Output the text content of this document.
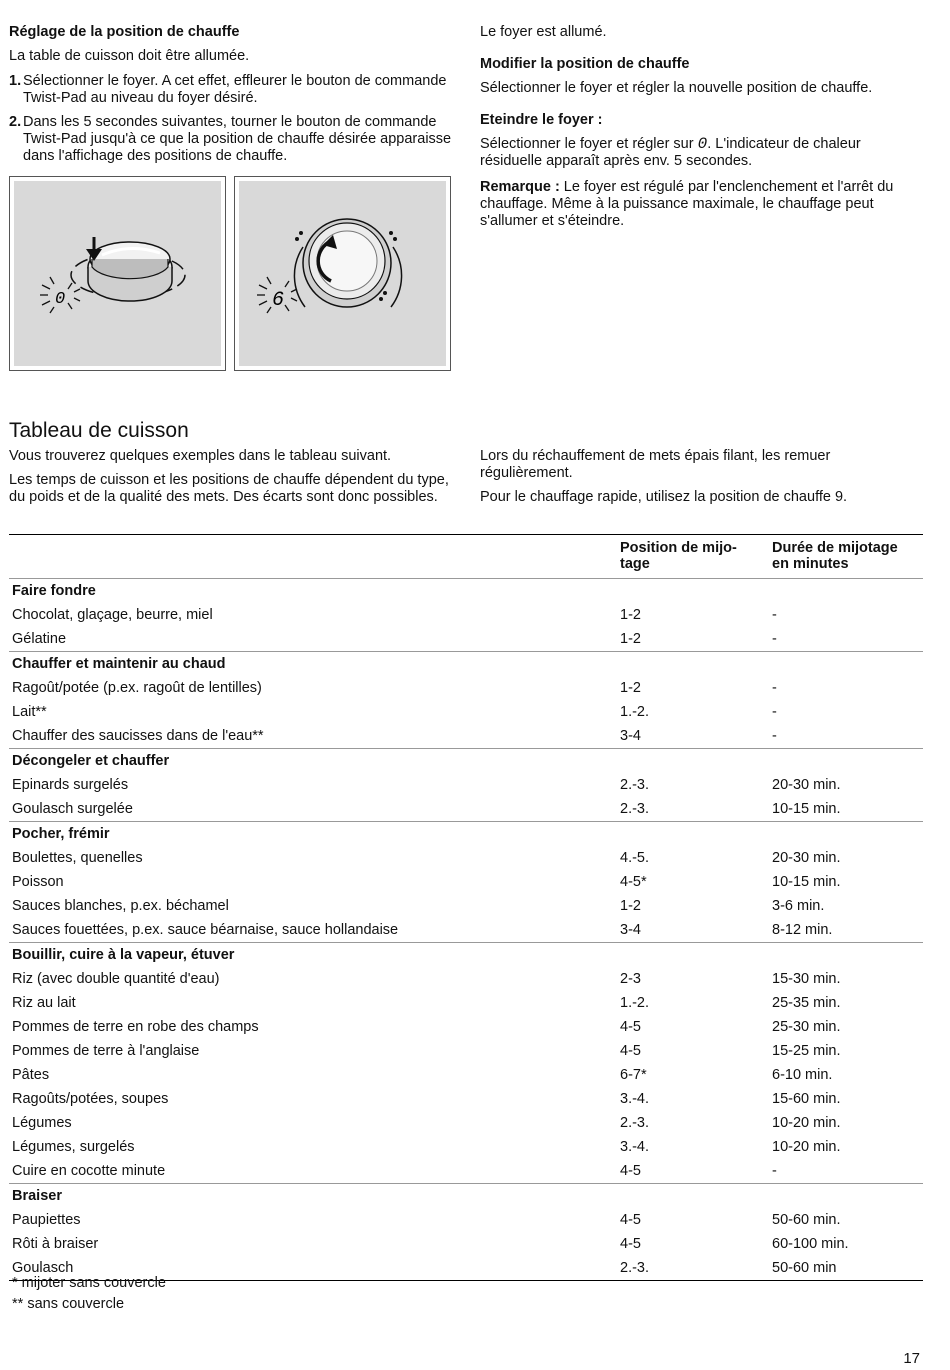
Réglage de la position de chauffe

La table de cuisson doit être allumée.

1. Sélectionner le foyer. A cet effet, effleurer le bouton de commande Twist-Pad au niveau du foyer désiré.
2. Dans les 5 secondes suivantes, tourner le bouton de commande Twist-Pad jusqu'à ce que la position de chauffe désirée apparaisse dans l'affichage des positions de chauffe.
0	6

Le foyer est allumé.

Modifier la position de chauffe

Sélectionner le foyer et régler la nouvelle position de chauffe.

Eteindre le foyer :

Sélectionner le foyer et régler sur 0. L'indicateur de chaleur résiduelle apparaît après env. 5 secondes.

Remarque : Le foyer est régulé par l'enclenchement et l'arrêt du chauffage. Même à la puissance maximale, le chauffage peut s'allumer et s'éteindre.

Tableau de cuisson

Vous trouverez quelques exemples dans le tableau suivant.

Les temps de cuisson et les positions de chauffe dépendent du type, du poids et de la qualité des mets. Des écarts sont donc possibles.

Lors du réchauffement de mets épais filant, les remuer régulièrement.

Pour le chauffage rapide, utilisez la position de chauffe 9.

	Position de mijo-
tage	Durée de mijotage
en minutes
Faire fondre		
Chocolat, glaçage, beurre, miel	1-2	-
Gélatine	1-2	-
Chauffer et maintenir au chaud		
Ragoût/potée (p.ex. ragoût de lentilles)	1-2	-
Lait**	1.-2.	-
Chauffer des saucisses dans de l'eau**	3-4	-
Décongeler et chauffer		
Epinards surgelés	2.-3.	20-30 min.
Goulasch surgelée	2.-3.	10-15 min.
Pocher, frémir		
Boulettes, quenelles	4.-5.	20-30 min.
Poisson	4-5*	10-15 min.
Sauces blanches, p.ex. béchamel	1-2	3-6 min.
Sauces fouettées, p.ex. sauce béarnaise, sauce hollandaise	3-4	8-12 min.
Bouillir, cuire à la vapeur, étuver		
Riz (avec double quantité d'eau)	2-3	15-30 min.
Riz au lait	1.-2.	25-35 min.
Pommes de terre en robe des champs	4-5	25-30 min.
Pommes de terre à l'anglaise	4-5	15-25 min.
Pâtes	6-7*	6-10 min.
Ragoûts/potées, soupes	3.-4.	15-60 min.
Légumes	2.-3.	10-20 min.
Légumes, surgelés	3.-4.	10-20 min.
Cuire en cocotte minute	4-5	-
Braiser		
Paupiettes	4-5	50-60 min.
Rôti à braiser	4-5	60-100 min.
Goulasch	2.-3.	50-60 min
* mijoter sans couvercle
** sans couvercle
17
